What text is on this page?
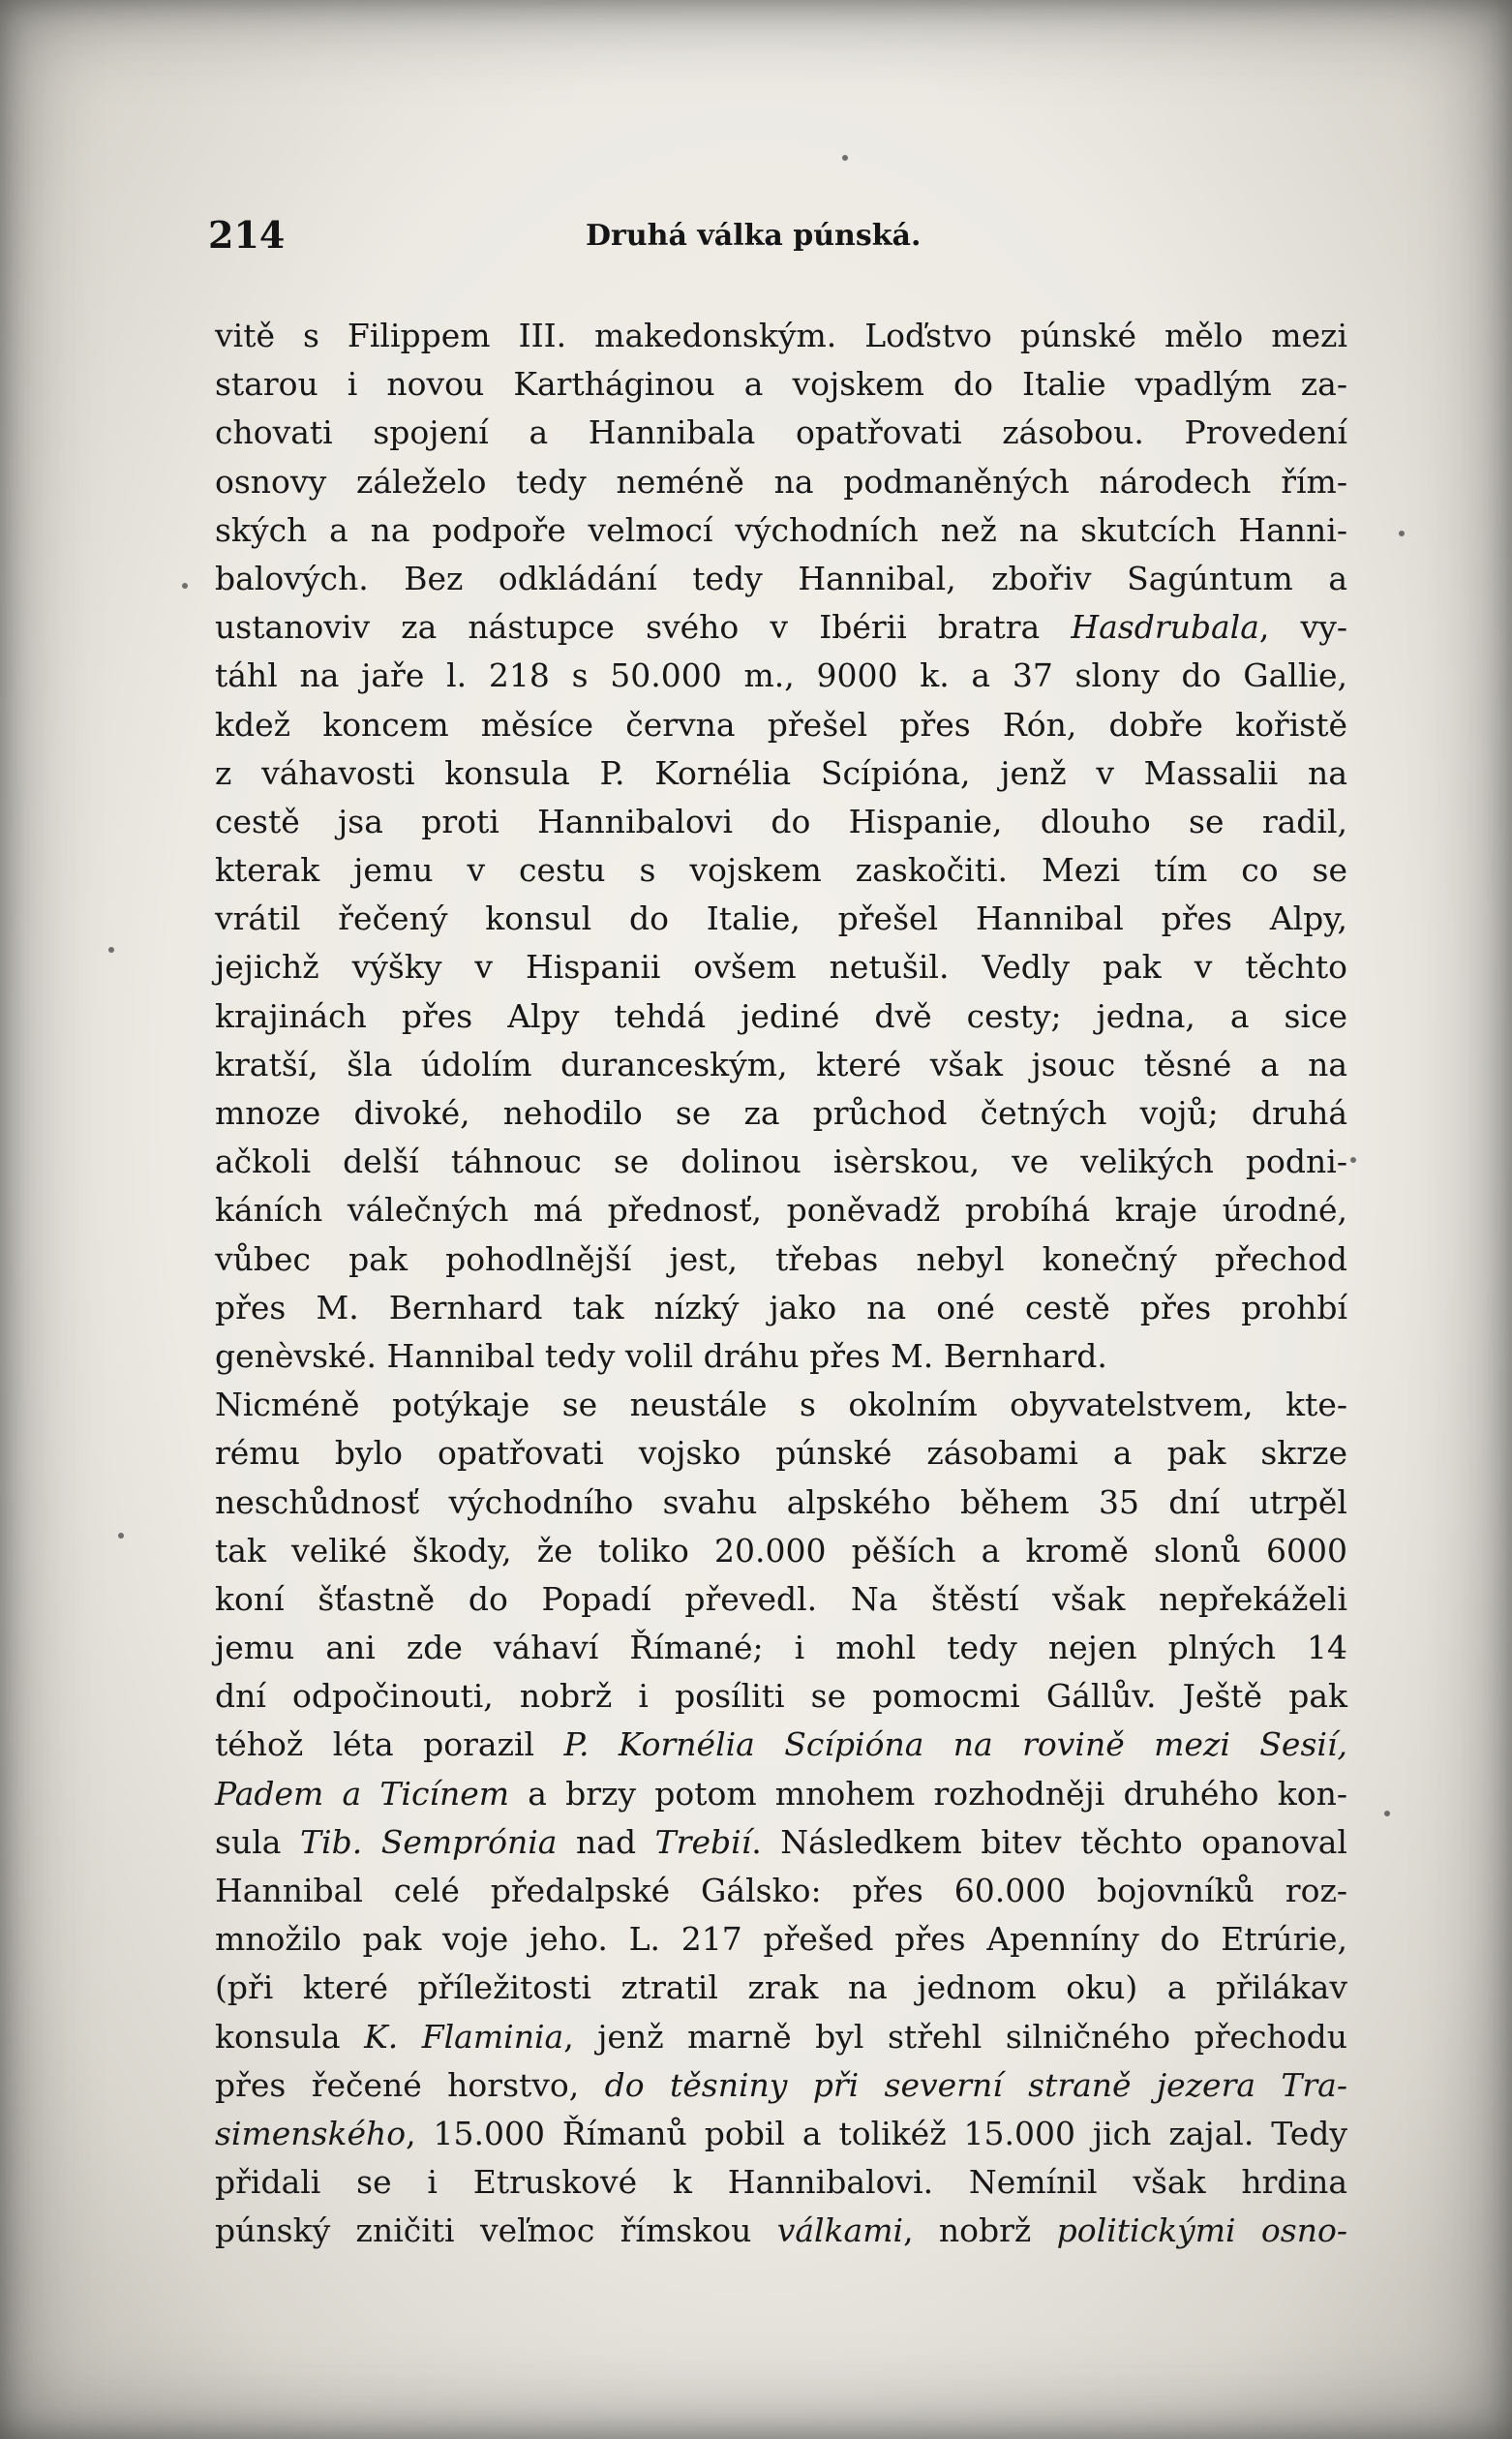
214	Druhá válka púnská.
vitě s Filippem III. makedonským. Loďstvo púnské mělo mezi
starou i novou Kartháginou a vojskem do Italie vpadlým za-
chovati spojení a Hannibala opatřovati zásobou. Provedení
osnovy záleželo tedy neméně na podmaněných národech řím-
ských a na podpoře velmocí východních než na skutcích Hanni-
balových. Bez odkládání tedy Hannibal, zbořiv Sagúntum a
ustanoviv za nástupce svého v Ibérii bratra Hasdrubala, vy-
táhl na jaře l. 218 s 50.000 m., 9000 k. a 37 slony do Gallie,
kdež koncem měsíce června přešel přes Rón, dobře kořistě
z váhavosti konsula P. Kornélia Scípióna, jenž v Massalii na
cestě jsa proti Hannibalovi do Hispanie, dlouho se radil,
kterak jemu v cestu s vojskem zaskočiti. Mezi tím co se
vrátil řečený konsul do Italie, přešel Hannibal přes Alpy,
jejichž výšky v Hispanii ovšem netušil. Vedly pak v těchto
krajinách přes Alpy tehdá jediné dvě cesty; jedna, a sice
kratší, šla údolím duranceským, které však jsouc těsné a na
mnoze divoké, nehodilo se za průchod četných vojů; druhá
ačkoli delší táhnouc se dolinou isèrskou, ve velikých podni-
káních válečných má přednosť, poněvadž probíhá kraje úrodné,
vůbec pak pohodlnější jest, třebas nebyl konečný přechod
přes M. Bernhard tak nízký jako na oné cestě přes prohbí
genèvské. Hannibal tedy volil dráhu přes M. Bernhard.
Nicméně potýkaje se neustále s okolním obyvatelstvem, kte-
rému bylo opatřovati vojsko púnské zásobami a pak skrze
neschůdnosť východního svahu alpského během 35 dní utrpěl
tak veliké škody, že toliko 20.000 pěších a kromě slonů 6000
koní šťastně do Popadí převedl. Na štěstí však nepřekáželi
jemu ani zde váhaví Římané; i mohl tedy nejen plných 14
dní odpočinouti, nobrž i posíliti se pomocmi Gállův. Ještě pak
téhož léta porazil P. Kornélia Scípióna na rovině mezi Sesií,
Padem a Ticínem a brzy potom mnohem rozhodněji druhého kon-
sula Tib. Semprónia nad Trebií. Následkem bitev těchto opanoval
Hannibal celé předalpské Gálsko: přes 60.000 bojovníků roz-
množilo pak voje jeho. L. 217 přešed přes Apenníny do Etrúrie,
(při které příležitosti ztratil zrak na jednom oku) a přilákav
konsula K. Flaminia, jenž marně byl střehl silničného přechodu
přes řečené horstvo, do těsniny při severní straně jezera Tra-
simenského, 15.000 Římanů pobil a tolikéž 15.000 jich zajal. Tedy
přidali se i Etruskové k Hannibalovi. Nemínil však hrdina
púnský zničiti veľmoc římskou válkami, nobrž politickými osno-
